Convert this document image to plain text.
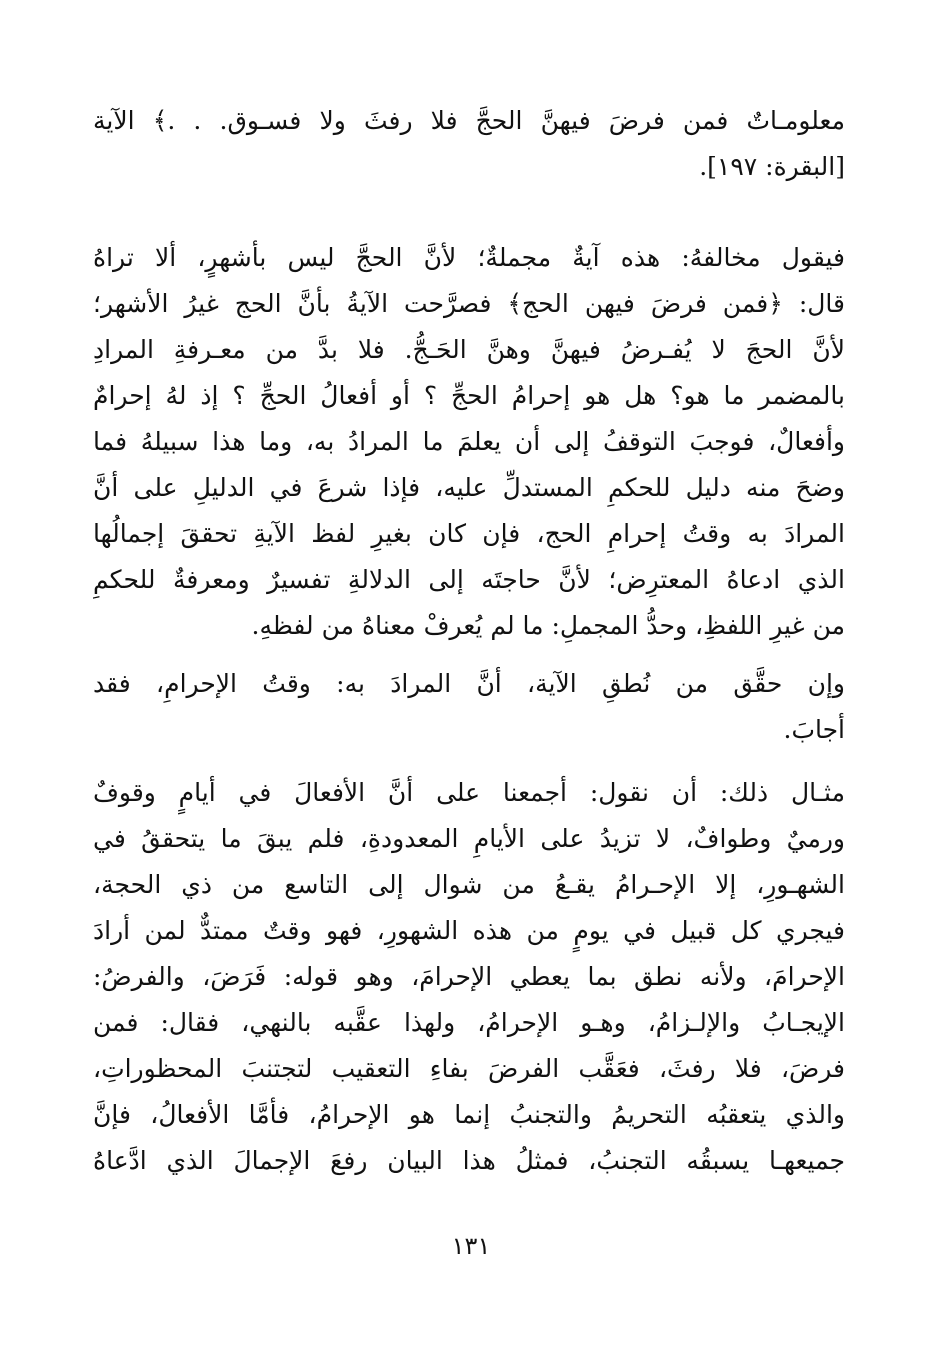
معلومـاتٌ فمن فرضَ فيهنَّ الحجَّ فلا رفثَ ولا فسـوق. . .﴾ الآية
[البقرة: ١٩٧].
فيقول مخالفهُ: هذه آيةٌ مجملةٌ؛ لأنَّ الحجَّ ليس بأشهرٍ، ألا تراهُ
قال: ﴿فمن فرضَ فيهن الحج﴾ فصرَّحت الآيةُ بأنَّ الحج غيرُ الأشهر؛
لأنَّ الحجَ لا يُفـرضُ فيهنَّ وهنَّ الحَـجُّ. فلا بدَّ من معـرفةِ المرادِ
بالمضمر ما هو؟ هل هو إحرامُ الحجِّ ؟ أو أفعالُ الحجِّ ؟ إذ لهُ إحرامٌ
وأفعالٌ، فوجبَ التوقفُ إلى أن يعلمَ ما المرادُ به، وما هذا سبيلهُ فما
وضحَ منه دليل للحكمِ المستدلِّ عليه، فإذا شرعَ في الدليلِ على أنَّ
المرادَ به وقتُ إحرامِ الحج، فإن كان بغيرِ لفظ الآيةِ تحققَ إجمالُها
الذي ادعاهُ المعترِض؛ لأنَّ حاجتَه إلى الدلالةِ تفسيرٌ ومعرفةٌ للحكمِ
من غيرِ اللفظِ، وحدُّ المجملِ: ما لم يُعرفْ معناهُ من لفظهِ.
وإن حقَّق من نُطقِ الآية، أنَّ المرادَ به: وقتُ الإحرامِ، فقد
أجابَ.
مثـال ذلك: أن نقول: أجمعنا على أنَّ الأفعالَ في أيامٍ وقوفٌ
ورميٌ وطوافٌ، لا تزيدُ على الأيامِ المعدودةِ، فلم يبقَ ما يتحققُ في
الشهـورِ، إلا الإحـرامُ يقـعُ من شوال إلى التاسع من ذي الحجة،
فيجري كل قبيل في يومٍ من هذه الشهورِ، فهو وقتٌ ممتدٌّ لمن أرادَ
الإحرامَ، ولأنه نطق بما يعطي الإحرامَ، وهو قوله: فَرَضَ، والفرضُ:
الإيجـابُ والإلـزامُ، وهـو الإحرامُ، ولهذا عقَّبه بالنهي، فقال: فمن
فرضَ، فلا رفثَ، فعَقَّب الفرضَ بفاءِ التعقيب لتجتنبَ المحظوراتِ،
والذي يتعقبُه التحريمُ والتجنبُ إنما هو الإحرامُ، فأمَّا الأفعالُ، فإنَّ
جميعهـا يسبقُه التجنبُ، فمثلُ هذا البيان رفعَ الإجمالَ الذي ادَّعاهُ
١٣١
